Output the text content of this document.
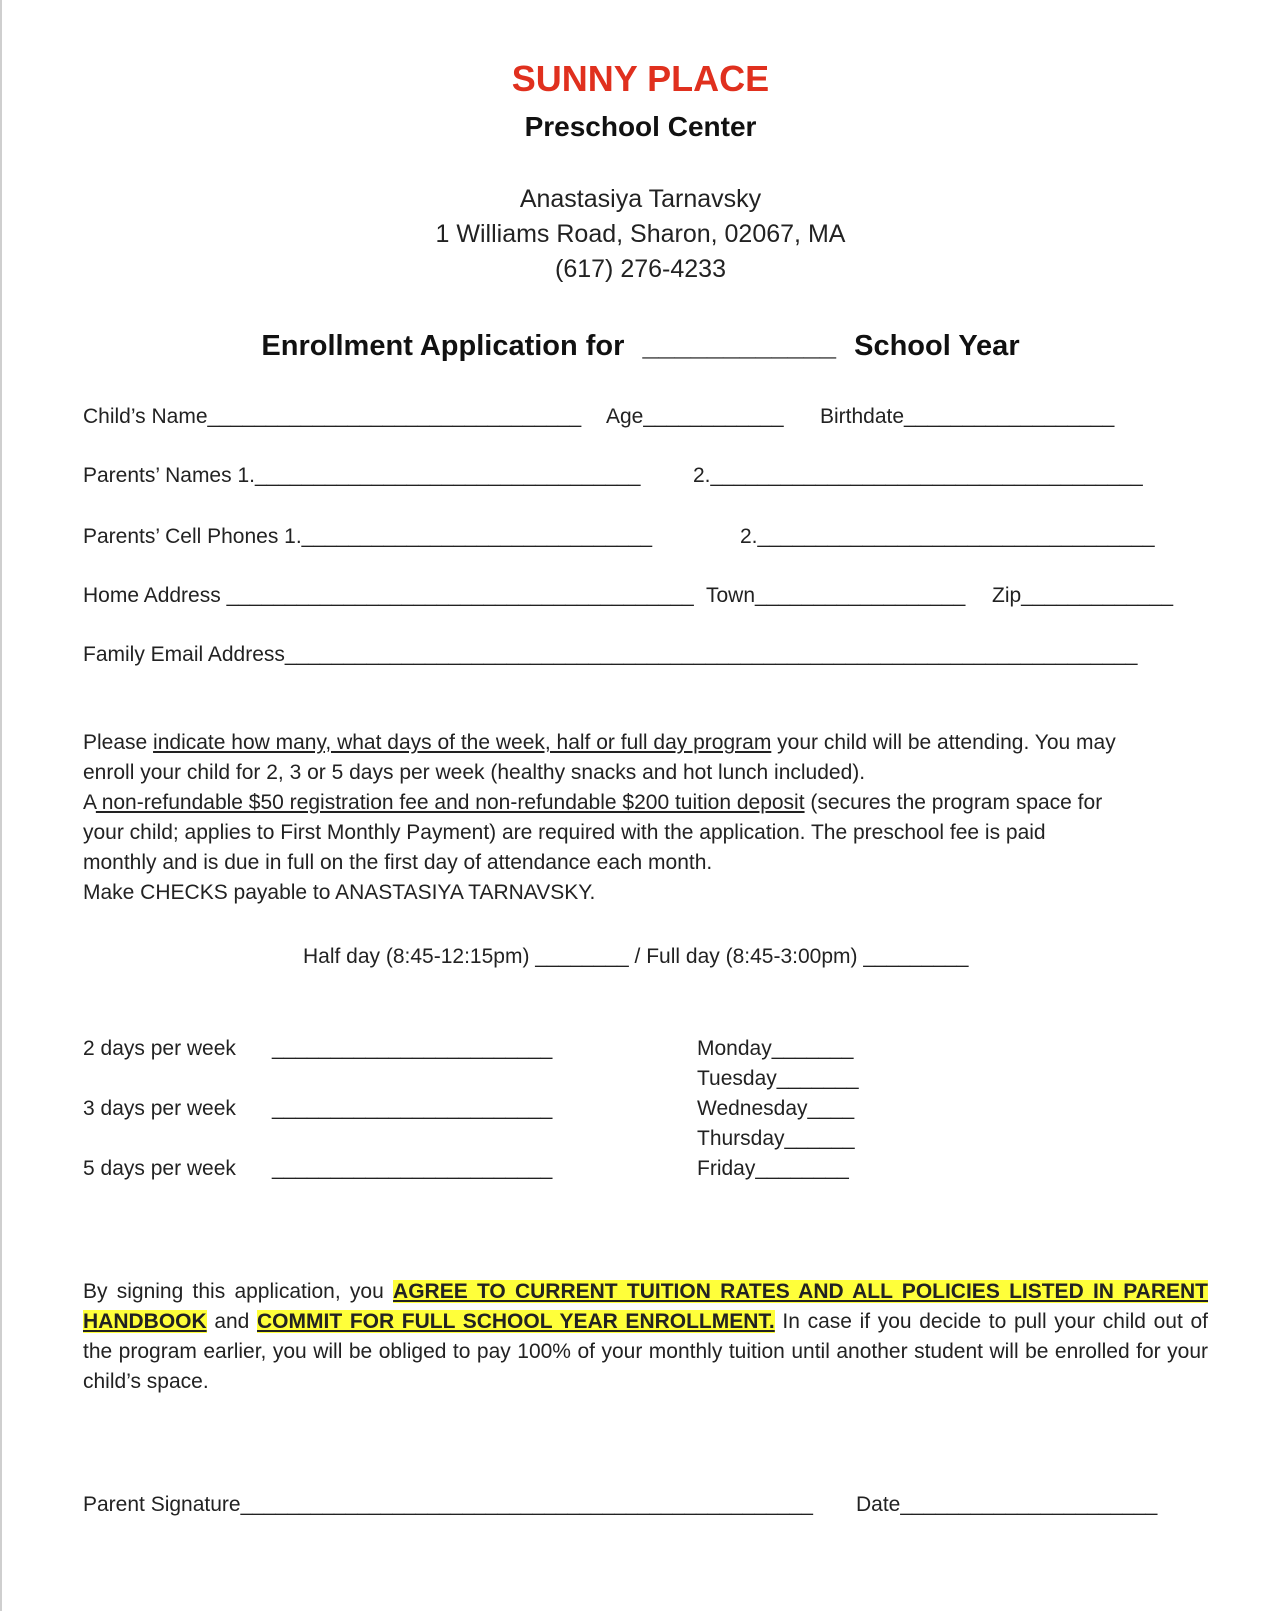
SUNNY PLACE
Preschool Center
Anastasiya Tarnavsky
1 Williams Road, Sharon, 02067, MA
(617) 276-4233
Enrollment Application for ____________ School Year
Child’s Name________________________________ Age____________ Birthdate__________________
Parents’ Names 1._________________________________	2._____________________________________
Parents’ Cell Phones 1.______________________________	2.__________________________________
Home Address ________________________________________ Town__________________ Zip_____________
Family Email Address_________________________________________________________________________
Please indicate how many, what days of the week, half or full day program your child will be attending. You may
enroll your child for 2, 3 or 5 days per week (healthy snacks and hot lunch included).
A non-refundable $50 registration fee and non-refundable $200 tuition deposit (secures the program space for
your child; applies to First Monthly Payment) are required with the application. The preschool fee is paid
monthly and is due in full on the first day of attendance each month.
Make CHECKS payable to ANASTASIYA TARNAVSKY.
Half day (8:45-12:15pm) ________ / Full day (8:45-3:00pm) _________
2 days per week ________________________
3 days per week ________________________
5 days per week ________________________
Monday_______
Tuesday_______
Wednesday____
Thursday______
Friday________

By signing this application, you AGREE TO CURRENT TUITION RATES AND ALL POLICIES LISTED IN PARENT HANDBOOK and COMMIT FOR FULL SCHOOL YEAR ENROLLMENT. In case if you decide to pull your child out of the program earlier, you will be obliged to pay 100% of your monthly tuition until another student will be enrolled for your child’s space.

Parent Signature_________________________________________________ Date______________________
